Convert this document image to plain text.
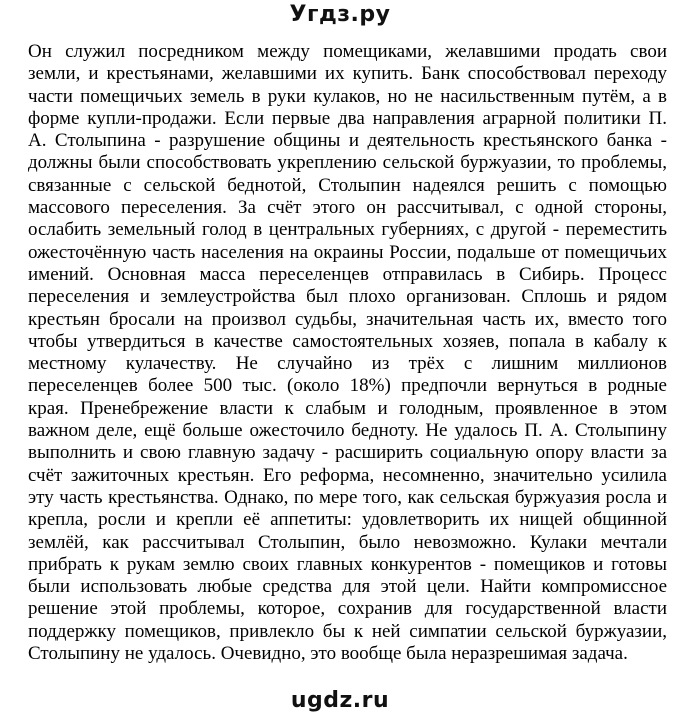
Угдз.ру
Он служил посредником между помещиками, желавшими продать свои
земли, и крестьянами, желавшими их купить. Банк способствовал переходу
части помещичьих земель в руки кулаков, но не насильственным путём, а в
форме купли-продажи. Если первые два направления аграрной политики П.
А. Столыпина - разрушение общины и деятельность крестьянского банка -
должны были способствовать укреплению сельской буржуазии, то проблемы,
связанные с сельской беднотой, Столыпин надеялся решить с помощью
массового переселения. За счёт этого он рассчитывал, с одной стороны,
ослабить земельный голод в центральных губерниях, с другой - переместить
ожесточённую часть населения на окраины России, подальше от помещичьих
имений. Основная масса переселенцев отправилась в Сибирь. Процесс
переселения и землеустройства был плохо организован. Сплошь и рядом
крестьян бросали на произвол судьбы, значительная часть их, вместо того
чтобы утвердиться в качестве самостоятельных хозяев, попала в кабалу к
местному кулачеству. Не случайно из трёх с лишним миллионов
переселенцев более 500 тыс. (около 18%) предпочли вернуться в родные
края. Пренебрежение власти к слабым и голодным, проявленное в этом
важном деле, ещё больше ожесточило бедноту. Не удалось П. А. Столыпину
выполнить и свою главную задачу - расширить социальную опору власти за
счёт зажиточных крестьян. Его реформа, несомненно, значительно усилила
эту часть крестьянства. Однако, по мере того, как сельская буржуазия росла и
крепла, росли и крепли её аппетиты: удовлетворить их нищей общинной
землёй, как рассчитывал Столыпин, было невозможно. Кулаки мечтали
прибрать к рукам землю своих главных конкурентов - помещиков и готовы
были использовать любые средства для этой цели. Найти компромиссное
решение этой проблемы, которое, сохранив для государственной власти
поддержку помещиков, привлекло бы к ней симпатии сельской буржуазии,
Столыпину не удалось. Очевидно, это вообще была неразрешимая задача.
ugdz.ru
